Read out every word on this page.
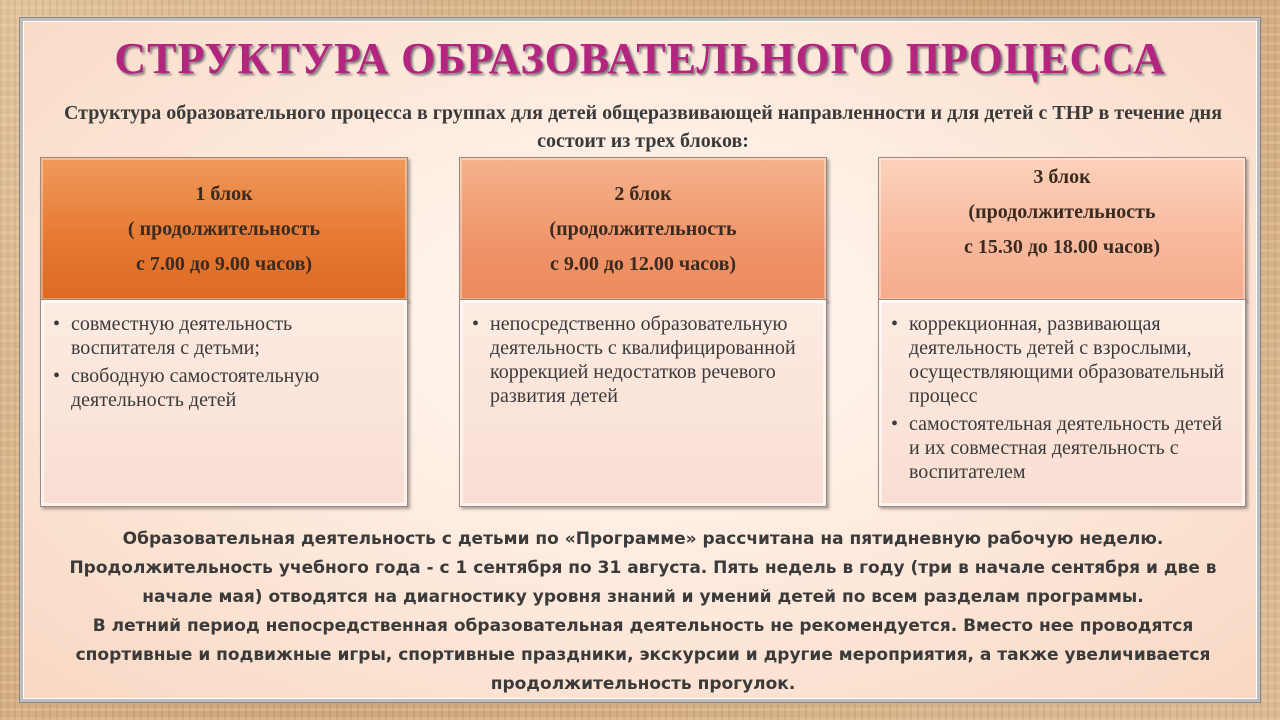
СТРУКТУРА ОБРАЗОВАТЕЛЬНОГО ПРОЦЕССА
Структура образовательного процесса в группах для детей общеразвивающей направленности и для детей с ТНР в течение дня состоит из трех блоков:
1 блок
( продолжительность
с 7.00 до 9.00 часов)
• совместную деятельность воспитателя с детьми;
• свободную самостоятельную деятельность детей
2 блок
(продолжительность
с 9.00 до 12.00 часов)
• непосредственно образовательную деятельность с квалифицированной коррекцией недостатков речевого развития детей
3 блок
(продолжительность
с 15.30 до 18.00 часов)
• коррекционная, развивающая деятельность детей с взрослыми, осуществляющими образовательный процесс
• самостоятельная деятельность детей и их совместная деятельность с воспитателем

Образовательная деятельность с детьми по «Программе» рассчитана на пятидневную рабочую неделю.

Продолжительность учебного года - с 1 сентября по 31 августа. Пять недель в году (три в начале сентября и две в начале мая) отводятся на диагностику уровня знаний и умений детей по всем разделам программы.

В летний период непосредственная образовательная деятельность не рекомендуется. Вместо нее проводятся спортивные и подвижные игры, спортивные праздники, экскурсии и другие мероприятия, а также увеличивается продолжительность прогулок.
